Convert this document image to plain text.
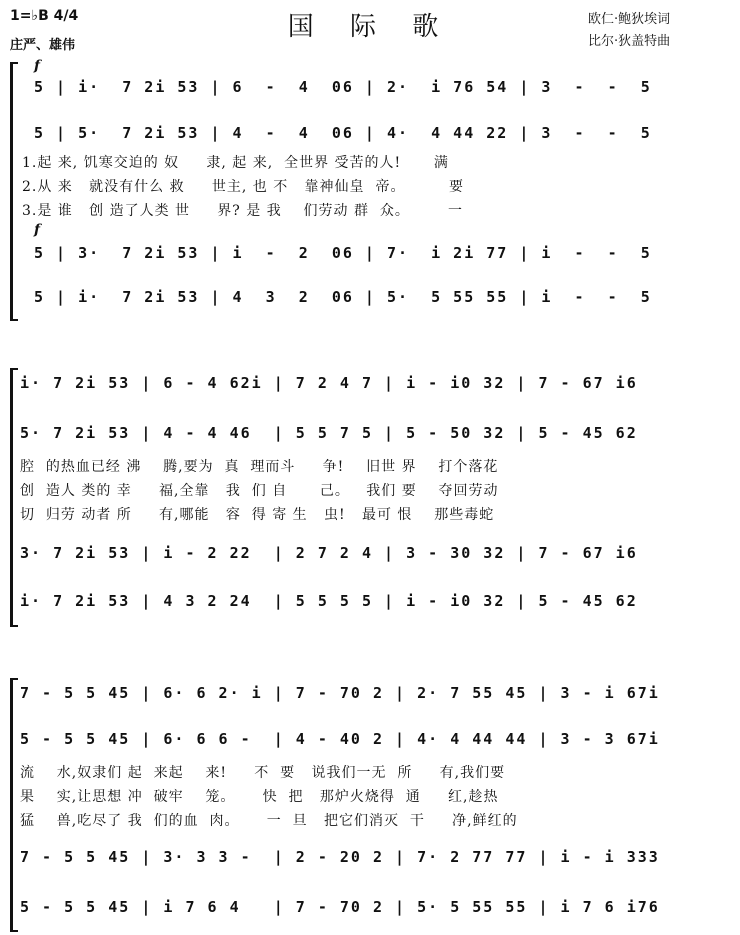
1=♭B 4/4
庄严、雄伟
国 际 歌	欧仁·鲍狄埃词
比尔·狄盖特曲
f
5 | i·  7 2i 53 | 6  -  4  06 | 2·  i 76 54 | 3  -  -  5
5 | 5·  7 2i 53 | 4  -  4  06 | 4·  4 44 22 | 3  -  -  5
1.起 来, 饥寒交迫的 奴     隶, 起 来,  全世界 受苦的人!      满
2.从 来   就没有什么 救     世主, 也 不   靠神仙皇  帝。        要
3.是 谁   创 造了人类 世     界? 是 我    们劳动 群  众。       一
f
5 | 3·  7 2i 53 | i  -  2  06 | 7·  i 2i 77 | i  -  -  5
5 | i·  7 2i 53 | 4  3  2  06 | 5·  5 55 55 | i  -  -  5
i· 7 2i 53 | 6 - 4 62i | 7 2 4 7 | i - i0 32 | 7 - 67 i6
5· 7 2i 53 | 4 - 4 46  | 5 5 7 5 | 5 - 50 32 | 5 - 45 62
腔  的热血已经 沸    腾,要为  真  理而斗     争!    旧世 界    打个落花
创  造人 类的 幸     福,全靠   我  们 自      己。   我们 要    夺回劳动
切  归劳 动者 所     有,哪能   容  得 寄 生   虫!   最可 恨    那些毒蛇
3· 7 2i 53 | i - 2 22  | 2 7 2 4 | 3 - 30 32 | 7 - 67 i6
i· 7 2i 53 | 4 3 2 24  | 5 5 5 5 | i - i0 32 | 5 - 45 62
7 - 5 5 45 | 6· 6 2· i | 7 - 70 2 | 2· 7 55 45 | 3 - i 67i
5 - 5 5 45 | 6· 6 6 -  | 4 - 40 2 | 4· 4 44 44 | 3 - 3 67i
流    水,奴隶们 起  来起    来!     不  要   说我们一无  所     有,我们要
果    实,让思想 冲  破牢    笼。     快  把   那炉火烧得  通     红,趁热
猛    兽,吃尽了 我  们的血  肉。     一  旦   把它们消灭  干     净,鲜红的
7 - 5 5 45 | 3· 3 3 -  | 2 - 20 2 | 7· 2 77 77 | i - i 333
5 - 5 5 45 | i 7 6 4   | 7 - 70 2 | 5· 5 55 55 | i 7 6 i76
